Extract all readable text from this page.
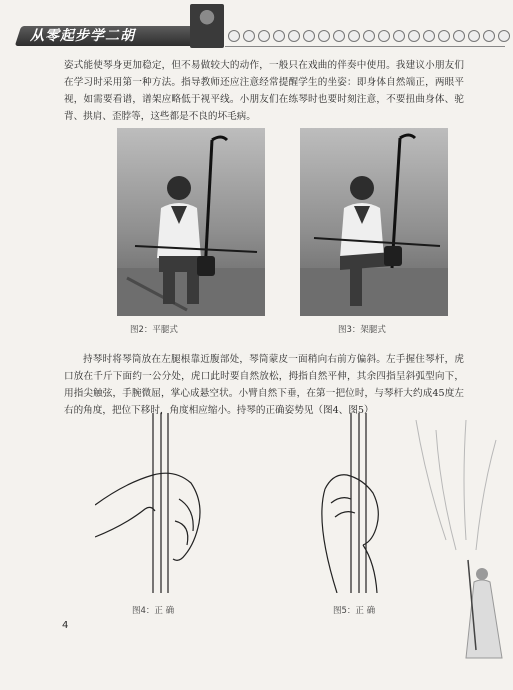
从零起步学二胡

姿式能使琴身更加稳定，但不易做较大的动作，一般只在戏曲的伴奏中使用。我建议小朋友们在学习时采用第一种方法。指导教师还应注意经常提醒学生的坐姿：即身体自然端正，两眼平视，如需要看谱，谱架应略低于视平线。小朋友们在练琴时也要时刻注意，不要扭曲身体、驼背、拱肩、歪脖等，这些都是不良的坏毛病。

图2：平腿式	图3：架腿式

持琴时将琴筒放在左腿根靠近腹部处，琴筒蒙皮一面稍向右前方偏斜。左手握住琴杆，虎口放在千斤下面约一公分处，虎口此时要自然放松，拇指自然平伸，其余四指呈斜弧型向下，用指尖触弦，手腕微屈，掌心成悬空状。小臂自然下垂，在第一把位时，与琴杆大约成45度左右的角度，把位下移时，角度相应缩小。持琴的正确姿势见（图4、图5）

图4：正 确	图5：正 确
4
